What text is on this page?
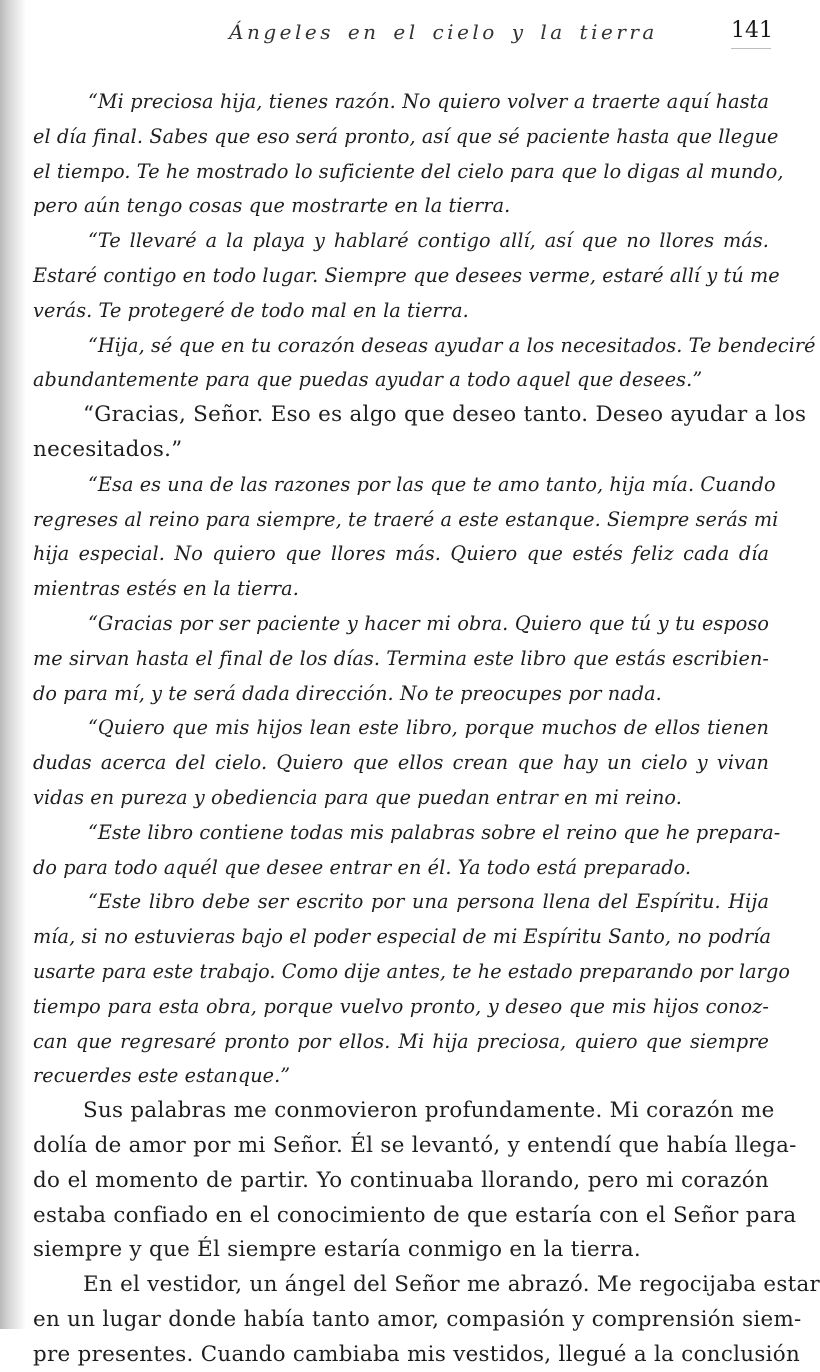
Ángeles en el cielo y la tierra	141
“Mi preciosa hija, tienes razón. No quiero volver a traerte aquí hasta
el día final. Sabes que eso será pronto, así que sé paciente hasta que llegue
el tiempo. Te he mostrado lo suficiente del cielo para que lo digas al mundo,
pero aún tengo cosas que mostrarte en la tierra.
“Te llevaré a la playa y hablaré contigo allí, así que no llores más.
Estaré contigo en todo lugar. Siempre que desees verme, estaré allí y tú me
verás. Te protegeré de todo mal en la tierra.
“Hija, sé que en tu corazón deseas ayudar a los necesitados. Te bendeciré
abundantemente para que puedas ayudar a todo aquel que desees.”
“Gracias, Señor. Eso es algo que deseo tanto. Deseo ayudar a los
necesitados.”
“Esa es una de las razones por las que te amo tanto, hija mía. Cuando
regreses al reino para siempre, te traeré a este estanque. Siempre serás mi
hija especial. No quiero que llores más. Quiero que estés feliz cada día
mientras estés en la tierra.
“Gracias por ser paciente y hacer mi obra. Quiero que tú y tu esposo
me sirvan hasta el final de los días. Termina este libro que estás escribien-
do para mí, y te será dada dirección. No te preocupes por nada.
“Quiero que mis hijos lean este libro, porque muchos de ellos tienen
dudas acerca del cielo. Quiero que ellos crean que hay un cielo y vivan
vidas en pureza y obediencia para que puedan entrar en mi reino.
“Este libro contiene todas mis palabras sobre el reino que he prepara-
do para todo aquél que desee entrar en él. Ya todo está preparado.
“Este libro debe ser escrito por una persona llena del Espíritu. Hija
mía, si no estuvieras bajo el poder especial de mi Espíritu Santo, no podría
usarte para este trabajo. Como dije antes, te he estado preparando por largo
tiempo para esta obra, porque vuelvo pronto, y deseo que mis hijos conoz-
can que regresaré pronto por ellos. Mi hija preciosa, quiero que siempre
recuerdes este estanque.”
Sus palabras me conmovieron profundamente. Mi corazón me
dolía de amor por mi Señor. Él se levantó, y entendí que había llega-
do el momento de partir. Yo continuaba llorando, pero mi corazón
estaba confiado en el conocimiento de que estaría con el Señor para
siempre y que Él siempre estaría conmigo en la tierra.
En el vestidor, un ángel del Señor me abrazó. Me regocijaba estar
en un lugar donde había tanto amor, compasión y comprensión siem-
pre presentes. Cuando cambiaba mis vestidos, llegué a la conclusión
